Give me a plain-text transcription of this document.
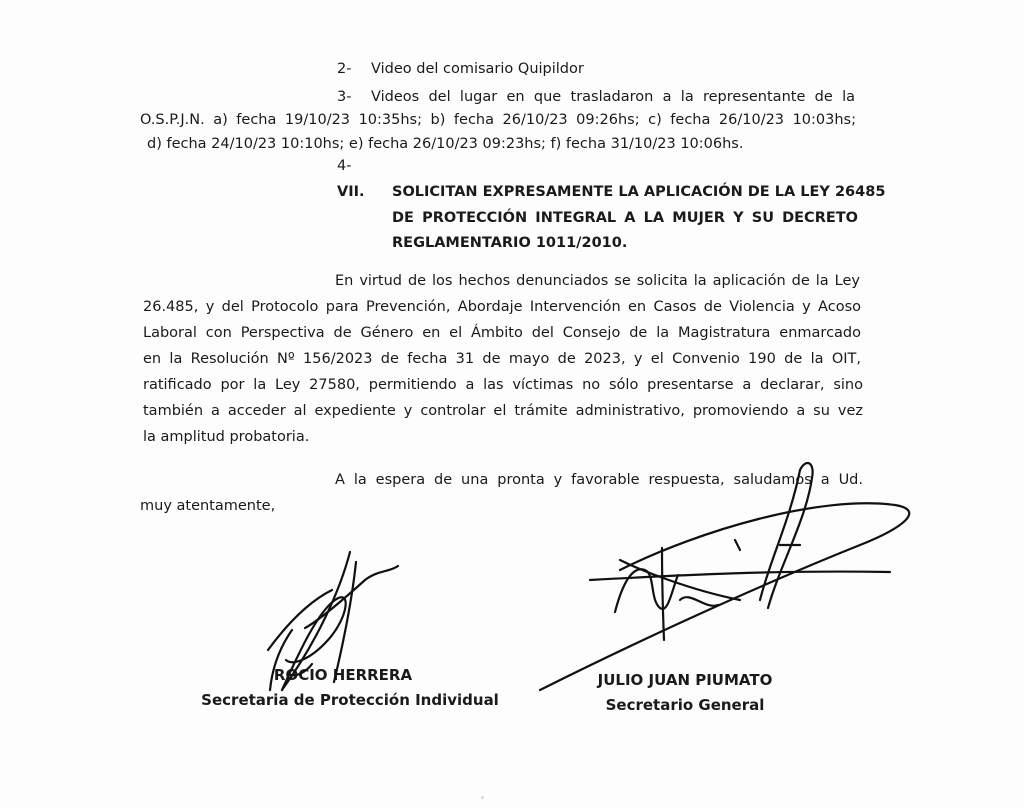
2- Video del comisario Quipildor
3- Videos del lugar en que trasladaron a la representante de la
O.S.P.J.N. a) fecha 19/10/23 10:35hs; b) fecha 26/10/23 09:26hs; c) fecha 26/10/23 10:03hs;
d) fecha 24/10/23 10:10hs; e) fecha 26/10/23 09:23hs; f) fecha 31/10/23 10:06hs.
4-
VII. SOLICITAN EXPRESAMENTE LA APLICACIÓN DE LA LEY 26485
DE PROTECCIÓN INTEGRAL A LA MUJER Y SU DECRETO
REGLAMENTARIO 1011/2010.
En virtud de los hechos denunciados se solicita la aplicación de la Ley
26.485, y del Protocolo para Prevención, Abordaje Intervención en Casos de Violencia y Acoso
Laboral con Perspectiva de Género en el Ámbito del Consejo de la Magistratura enmarcado
en la Resolución Nº 156/2023 de fecha 31 de mayo de 2023, y el Convenio 190 de la OIT,
ratificado por la Ley 27580, permitiendo a las víctimas no sólo presentarse a declarar, sino
también a acceder al expediente y controlar el trámite administrativo, promoviendo a su vez
la amplitud probatoria.
A la espera de una pronta y favorable respuesta, saludamos a Ud.
muy atentamente,
ROCIO HERRERA
Secretaria de Protección Individual
JULIO JUAN PIUMATO
Secretario General
